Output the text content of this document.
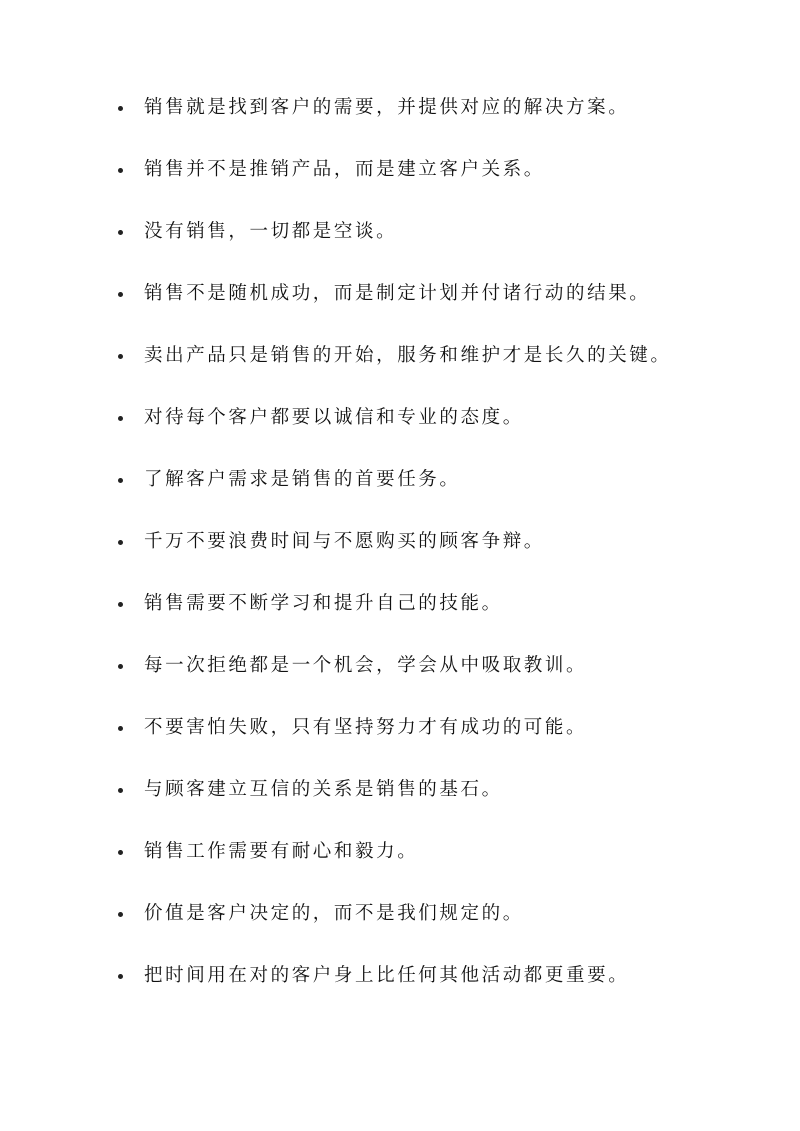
销售就是找到客户的需要，并提供对应的解决方案。
销售并不是推销产品，而是建立客户关系。
没有销售，一切都是空谈。
销售不是随机成功，而是制定计划并付诸行动的结果。
卖出产品只是销售的开始，服务和维护才是长久的关键。
对待每个客户都要以诚信和专业的态度。
了解客户需求是销售的首要任务。
千万不要浪费时间与不愿购买的顾客争辩。
销售需要不断学习和提升自己的技能。
每一次拒绝都是一个机会，学会从中吸取教训。
不要害怕失败，只有坚持努力才有成功的可能。
与顾客建立互信的关系是销售的基石。
销售工作需要有耐心和毅力。
价值是客户决定的，而不是我们规定的。
把时间用在对的客户身上比任何其他活动都更重要。
